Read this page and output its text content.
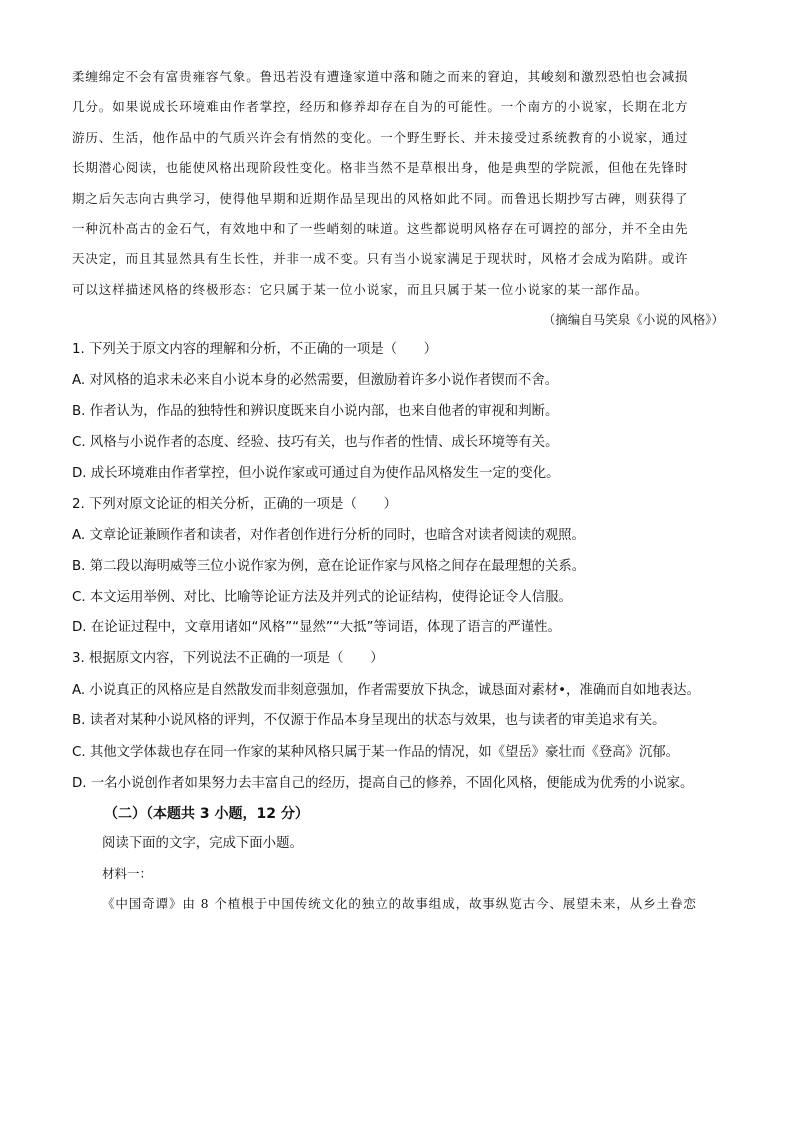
柔缠绵定不会有富贵雍容气象。鲁迅若没有遭逢家道中落和随之而来的窘迫，其峻刻和激烈恐怕也会减损
几分。如果说成长环境难由作者掌控，经历和修养却存在自为的可能性。一个南方的小说家，长期在北方
游历、生活，他作品中的气质兴许会有悄然的变化。一个野生野长、并未接受过系统教育的小说家，通过
长期潜心阅读，也能使风格出现阶段性变化。格非当然不是草根出身，他是典型的学院派，但他在先锋时
期之后矢志向古典学习，使得他早期和近期作品呈现出的风格如此不同。而鲁迅长期抄写古碑，则获得了
一种沉朴高古的金石气，有效地中和了一些峭刻的味道。这些都说明风格存在可调控的部分，并不全由先
天决定，而且其显然具有生长性，并非一成不变。只有当小说家满足于现状时，风格才会成为陷阱。或许
可以这样描述风格的终极形态：它只属于某一位小说家，而且只属于某一位小说家的某一部作品。

（摘编自马笑泉《小说的风格》）

1. 下列关于原文内容的理解和分析，不正确的一项是（　　）

A. 对风格的追求未必来自小说本身的必然需要，但激励着许多小说作者锲而不舍。

B. 作者认为，作品的独特性和辨识度既来自小说内部，也来自他者的审视和判断。

C. 风格与小说作者的态度、经验、技巧有关，也与作者的性情、成长环境等有关。

D. 成长环境难由作者掌控，但小说作家或可通过自为使作品风格发生一定的变化。

2. 下列对原文论证的相关分析，正确的一项是（　　）

A. 文章论证兼顾作者和读者，对作者创作进行分析的同时，也暗含对读者阅读的观照。

B. 第二段以海明威等三位小说作家为例，意在论证作家与风格之间存在最理想的关系。

C. 本文运用举例、对比、比喻等论证方法及并列式的论证结构，使得论证令人信服。

D. 在论证过程中，文章用诸如“风格”“显然”“大抵”等词语，体现了语言的严谨性。

3. 根据原文内容，下列说法不正确的一项是（　　）

A. 小说真正的风格应是自然散发而非刻意强加，作者需要放下执念，诚恳面对素材•，准确而自如地表达。

B. 读者对某种小说风格的评判，不仅源于作品本身呈现出的状态与效果，也与读者的审美追求有关。

C. 其他文学体裁也存在同一作家的某种风格只属于某一作品的情况，如《望岳》豪壮而《登高》沉郁。

D. 一名小说创作者如果努力去丰富自己的经历，提高自己的修养，不固化风格，便能成为优秀的小说家。

（二）（本题共 3 小题，12 分）

阅读下面的文字，完成下面小题。

材料一：

《中国奇谭》由 8 个植根于中国传统文化的独立的故事组成，故事纵览古今、展望未来，从乡土眷恋
